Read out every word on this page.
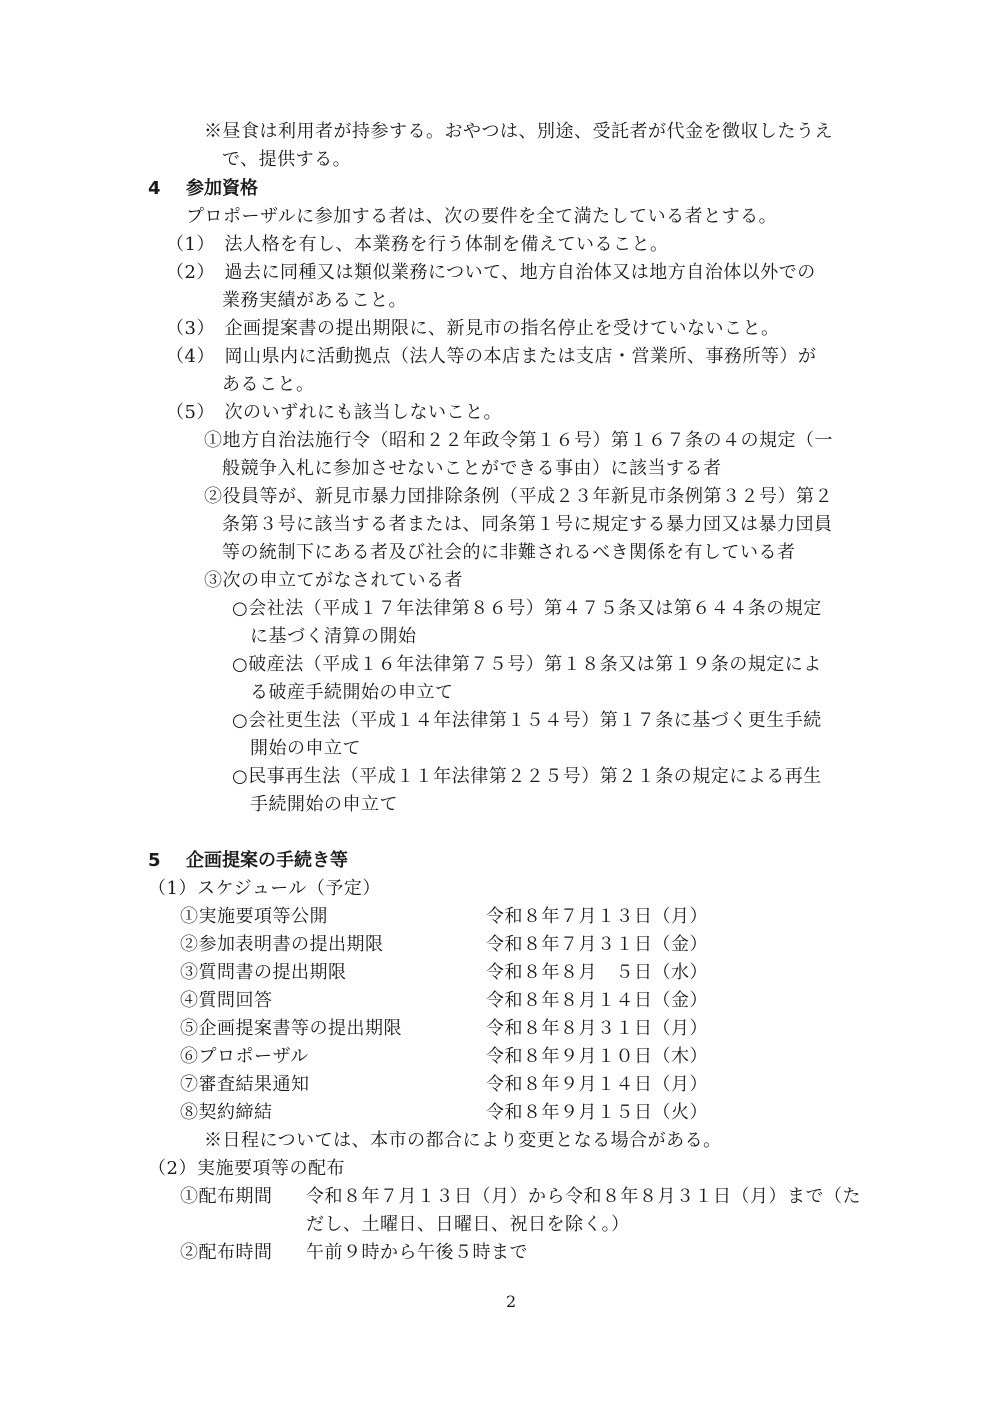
※昼食は利用者が持参する。おやつは、別途、受託者が代金を徴収したうえ
で、提供する。
4 参加資格
プロポーザルに参加する者は、次の要件を全て満たしている者とする。
（1）　法人格を有し、本業務を行う体制を備えていること。
（2）　過去に同種又は類似業務について、地方自治体又は地方自治体以外での
業務実績があること。
（3）　企画提案書の提出期限に、新見市の指名停止を受けていないこと。
（4）　岡山県内に活動拠点（法人等の本店または支店・営業所、事務所等）が
あること。
（5）　次のいずれにも該当しないこと。
①地方自治法施行令（昭和２２年政令第１６号）第１６７条の４の規定（一
般競争入札に参加させないことができる事由）に該当する者
②役員等が、新見市暴力団排除条例（平成２３年新見市条例第３２号）第２
条第３号に該当する者または、同条第１号に規定する暴力団又は暴力団員
等の統制下にある者及び社会的に非難されるべき関係を有している者
③次の申立てがなされている者
○会社法（平成１７年法律第８６号）第４７５条又は第６４４条の規定
に基づく清算の開始
○破産法（平成１６年法律第７５号）第１８条又は第１９条の規定によ
る破産手続開始の申立て
○会社更生法（平成１４年法律第１５４号）第１７条に基づく更生手続
開始の申立て
○民事再生法（平成１１年法律第２２５号）第２１条の規定による再生
手続開始の申立て
5 企画提案の手続き等
（1）スケジュール（予定）
①実施要項等公開	令和８年７月１３日（月）
②参加表明書の提出期限	令和８年７月３１日（金）
③質問書の提出期限	令和８年８月　５日（水）
④質問回答	令和８年８月１４日（金）
⑤企画提案書等の提出期限	令和８年８月３１日（月）
⑥プロポーザル	令和８年９月１０日（木）
⑦審査結果通知	令和８年９月１４日（月）
⑧契約締結	令和８年９月１５日（火）
※日程については、本市の都合により変更となる場合がある。
（2）実施要項等の配布
①配布期間 令和８年７月１３日（月）から令和８年８月３１日（月）まで（た
だし、土曜日、日曜日、祝日を除く。）
②配布時間 午前９時から午後５時まで
2
